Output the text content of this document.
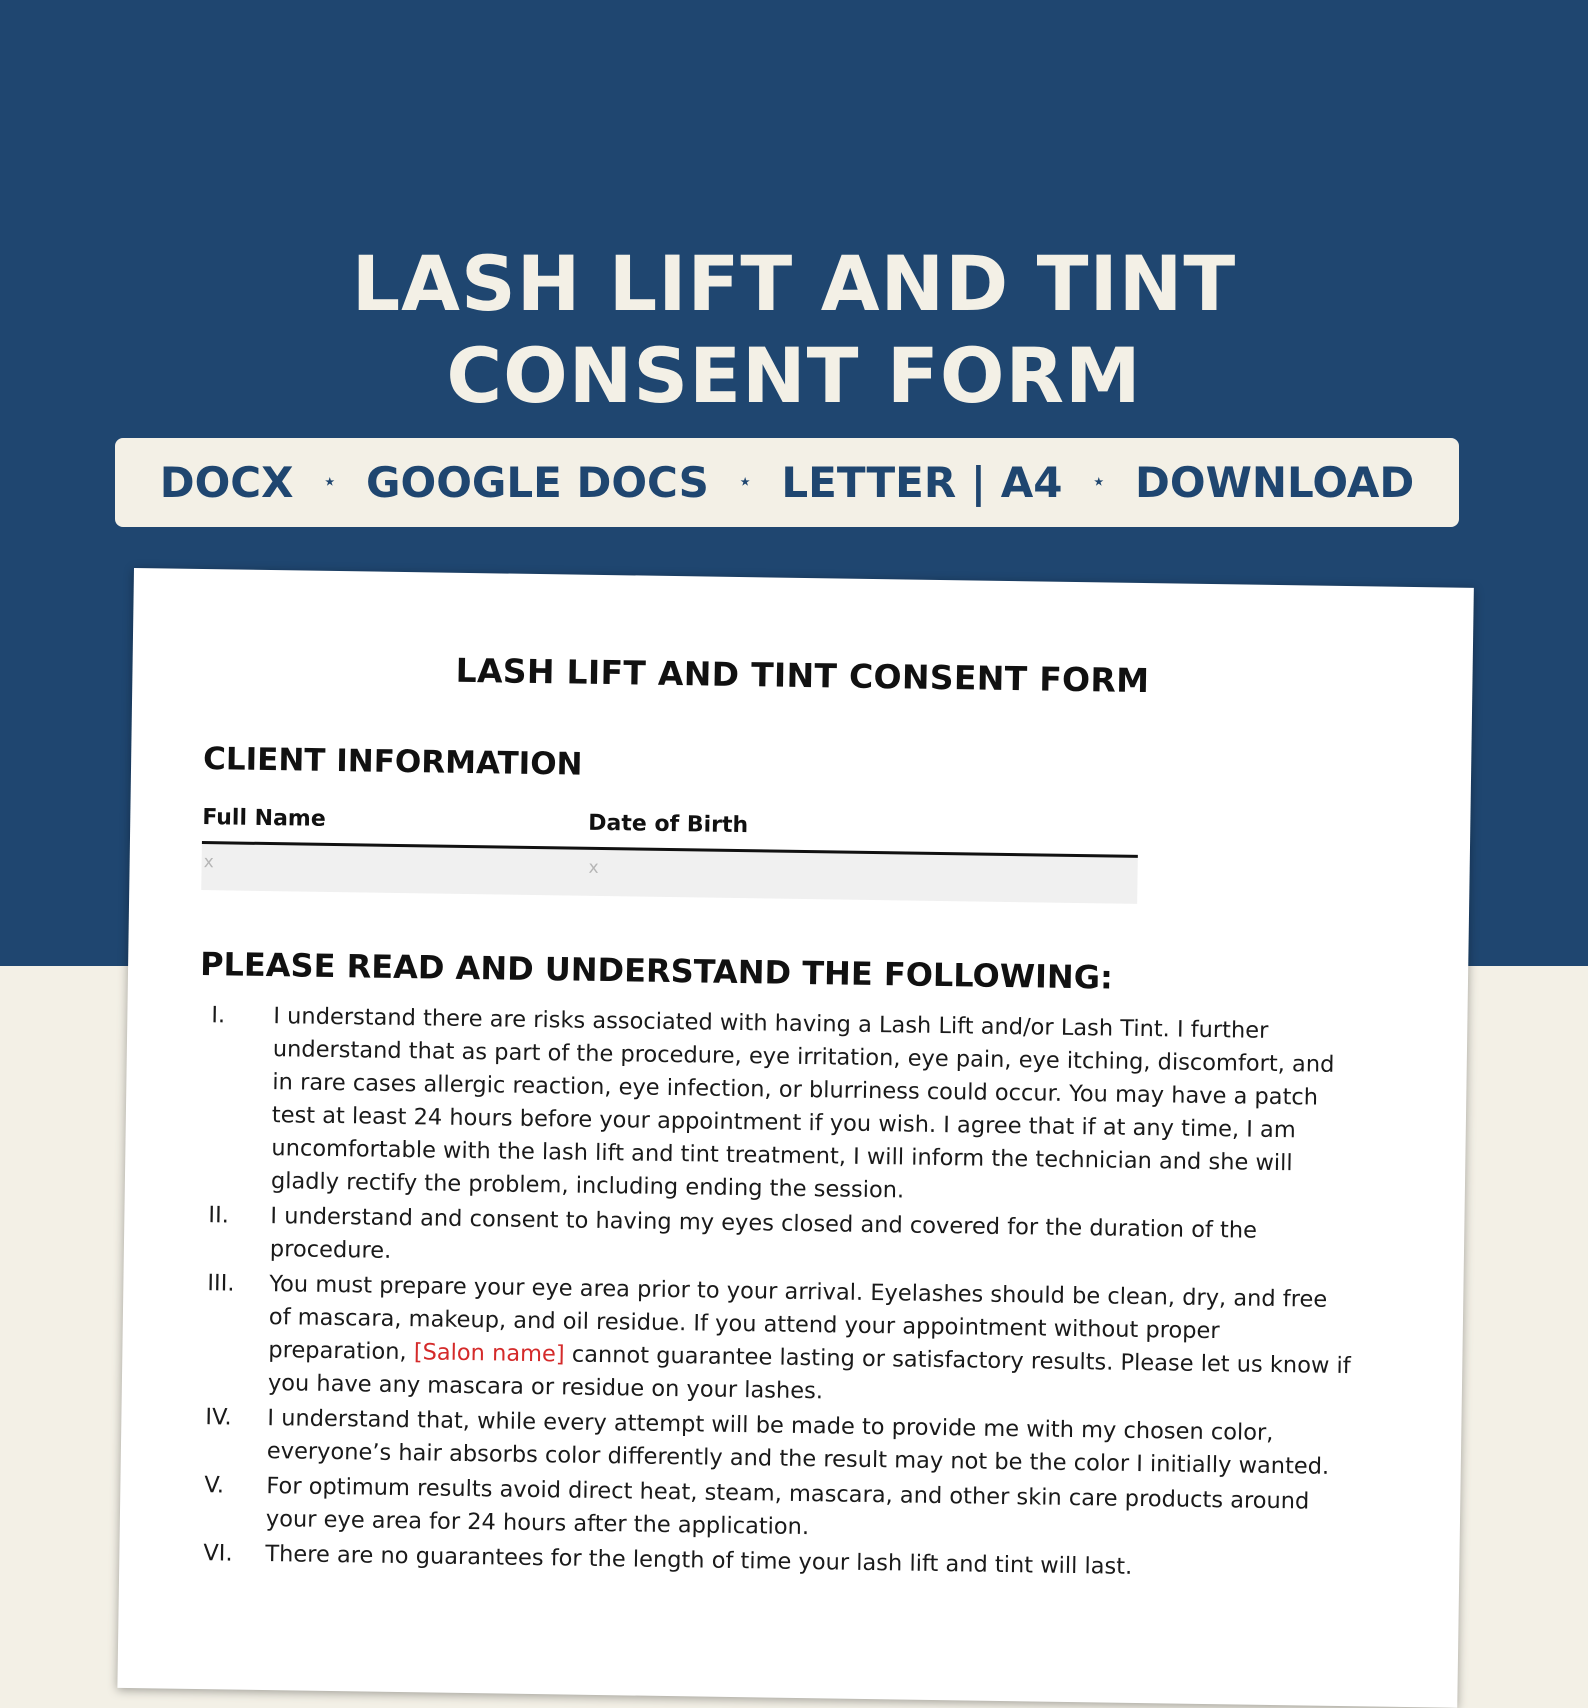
LASH LIFT AND TINT
CONSENT FORM
DOCX ⋆ GOOGLE DOCS ⋆ LETTER | A4 ⋆ DOWNLOAD
LASH LIFT AND TINT CONSENT FORM
CLIENT INFORMATION
Full Name	Date of Birth
x	x
PLEASE READ AND UNDERSTAND THE FOLLOWING:
I.	I understand there are risks associated with having a Lash Lift and/or Lash Tint. I further understand that as part of the procedure, eye irritation, eye pain, eye itching, discomfort, and in rare cases allergic reaction, eye infection, or blurriness could occur. You may have a patch test at least 24 hours before your appointment if you wish. I agree that if at any time, I am uncomfortable with the lash lift and tint treatment, I will inform the technician and she will gladly rectify the problem, including ending the session.
II.	I understand and consent to having my eyes closed and covered for the duration of the procedure.
III.	You must prepare your eye area prior to your arrival. Eyelashes should be clean, dry, and free of mascara, makeup, and oil residue. If you attend your appointment without proper preparation, [Salon name] cannot guarantee lasting or satisfactory results. Please let us know if you have any mascara or residue on your lashes.
IV.	I understand that, while every attempt will be made to provide me with my chosen color, everyone’s hair absorbs color differently and the result may not be the color I initially wanted.
V.	For optimum results avoid direct heat, steam, mascara, and other skin care products around your eye area for 24 hours after the application.
VI.	There are no guarantees for the length of time your lash lift and tint will last.
